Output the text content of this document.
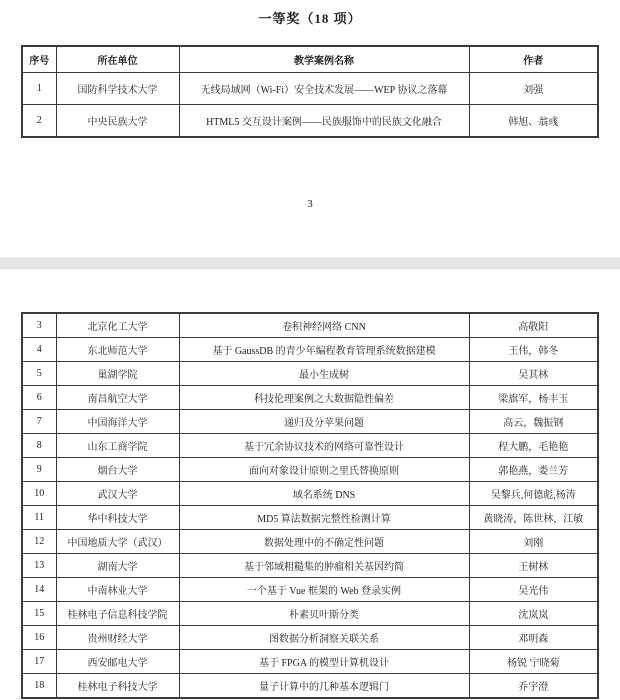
一等奖（18 项）
序号	所在单位	教学案例名称	作者
1	国防科学技术大学	无线局域网（Wi-Fi）安全技术发展——WEP 协议之落幕	刘强
2	中央民族大学	HTML5 交互设计案例——民族服饰中的民族文化融合	韩旭、翁彧
3
3	北京化工大学	卷积神经网络 CNN	高敬阳
4	东北师范大学	基于 GaussDB 的青少年编程教育管理系统数据建模	王伟，韩冬
5	巢湖学院	最小生成树	吴其林
6	南昌航空大学	科技伦理案例之大数据隐性偏差	梁旗军，杨丰玉
7	中国海洋大学	递归及分苹果问题	高云，魏振钢
8	山东工商学院	基于冗余协议技术的网络可靠性设计	程大鹏，毛艳艳
9	烟台大学	面向对象设计原则之里氏替换原则	郭艳燕，娄兰芳
10	武汉大学	域名系统 DNS	吴黎兵,何德彪,杨涛
11	华中科技大学	MD5 算法数据完整性检测计算	黄晓涛，陈世林，江敏
12	中国地质大学（武汉）	数据处理中的不确定性问题	刘刚
13	湖南大学	基于邻域粗糙集的肿瘤相关基因约简	王树林
14	中南林业大学	一个基于 Vue 框架的 Web 登录实例	吴光伟
15	桂林电子信息科技学院	朴素贝叶斯分类	沈岚岚
16	贵州财经大学	图数据分析洞察关联关系	邓明森
17	西安邮电大学	基于 FPGA 的模型计算机设计	杨锐 宁晓菊
18	桂林电子科技大学	量子计算中的几种基本逻辑门	乔宇澄
